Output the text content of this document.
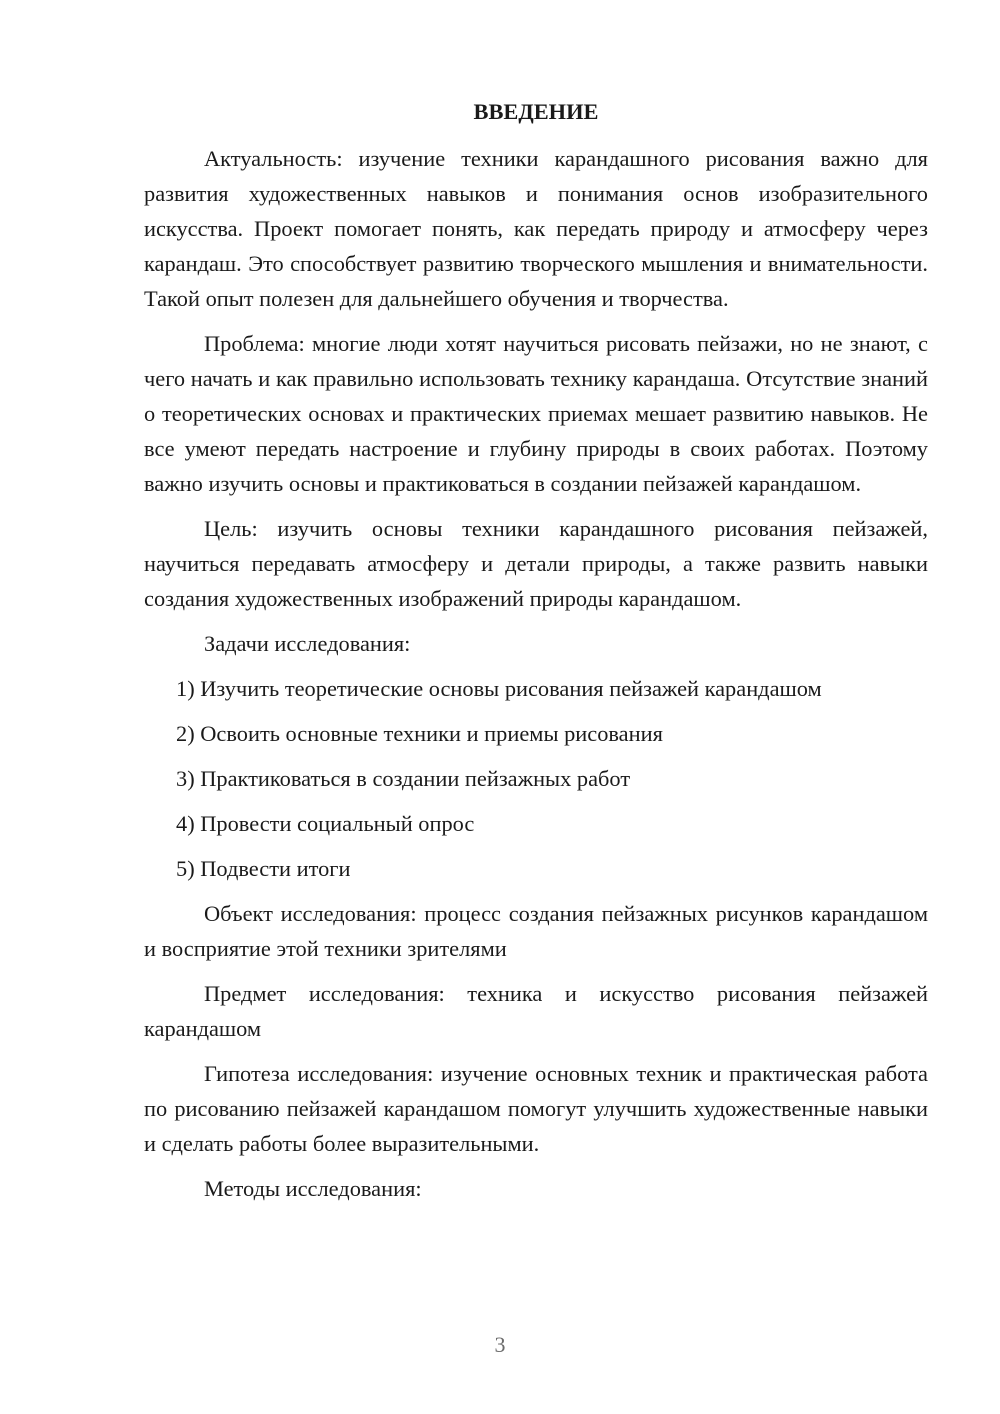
ВВЕДЕНИЕ

Актуальность: изучение техники карандашного рисования важно для развития художественных навыков и понимания основ изобразительного искусства. Проект помогает понять, как передать природу и атмосферу через карандаш. Это способствует развитию творческого мышления и внимательности. Такой опыт полезен для дальнейшего обучения и творчества.

Проблема: многие люди хотят научиться рисовать пейзажи, но не знают, с чего начать и как правильно использовать технику карандаша. Отсутствие знаний о теоретических основах и практических приемах мешает развитию навыков. Не все умеют передать настроение и глубину природы в своих работах. Поэтому важно изучить основы и практиковаться в создании пейзажей карандашом.

Цель: изучить основы техники карандашного рисования пейзажей, научиться передавать атмосферу и детали природы, а также развить навыки создания художественных изображений природы карандашом.

Задачи исследования:

1) Изучить теоретические основы рисования пейзажей карандашом
2) Освоить основные техники и приемы рисования
3) Практиковаться в создании пейзажных работ
4) Провести социальный опрос
5) Подвести итоги

Объект исследования: процесс создания пейзажных рисунков карандашом и восприятие этой техники зрителями

Предмет исследования: техника и искусство рисования пейзажей карандашом

Гипотеза исследования: изучение основных техник и практическая работа по рисованию пейзажей карандашом помогут улучшить художественные навыки и сделать работы более выразительными.

Методы исследования:

3
